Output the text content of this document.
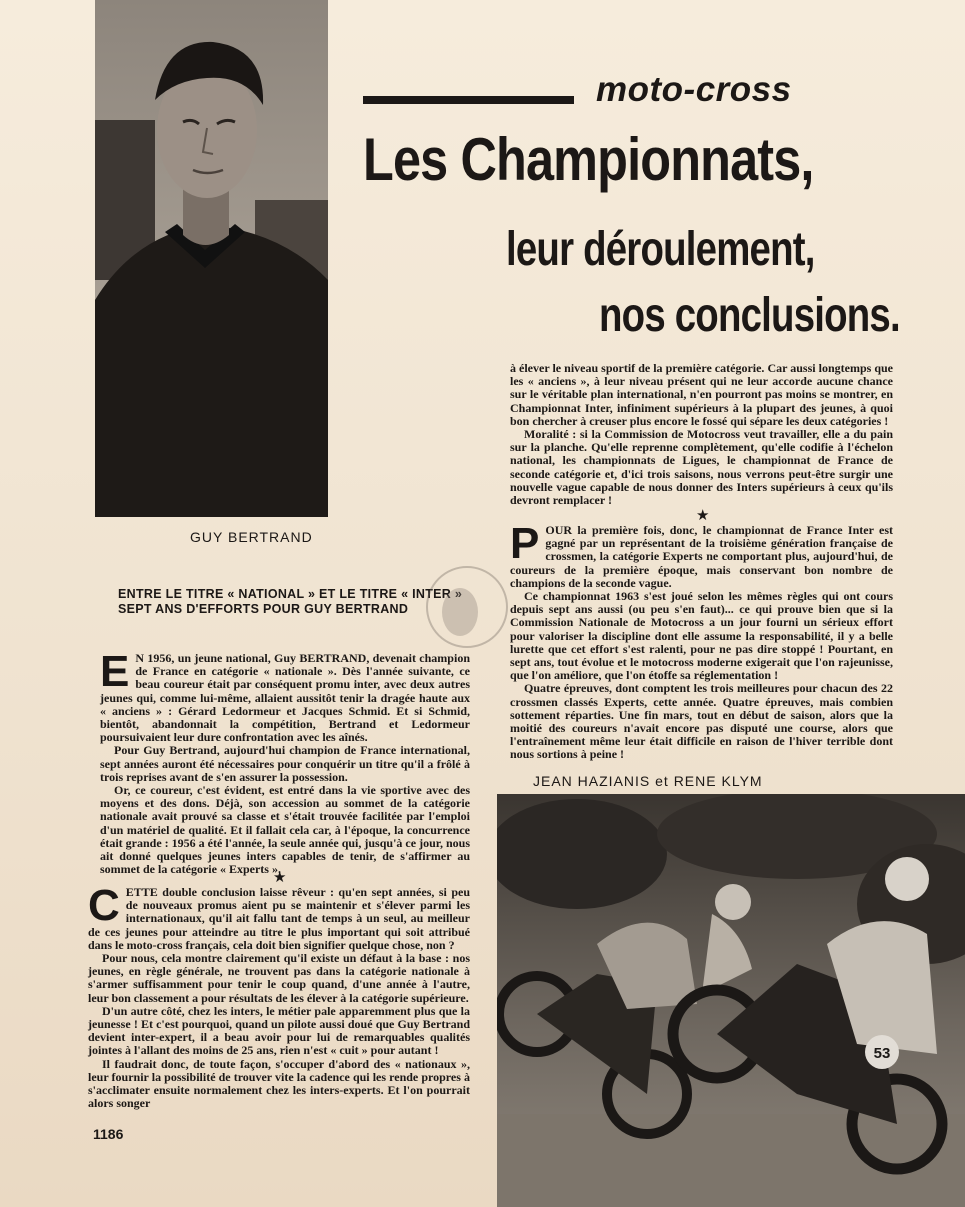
GUY BERTRAND
moto-cross
Les Championnats,
leur déroulement,
nos conclusions.
ENTRE LE TITRE « NATIONAL » ET LE TITRE « INTER » SEPT ANS D'EFFORTS POUR GUY BERTRAND

E N 1956, un jeune national, Guy BERTRAND, devenait champion de France en catégorie « nationale ». Dès l'année suivante, ce beau coureur était par conséquent promu inter, avec deux autres jeunes qui, comme lui-même, allaient aussitôt tenir la dragée haute aux « anciens » : Gérard Ledormeur et Jacques Schmid. Et si Schmid, bientôt, abandonnait la compétition, Bertrand et Ledormeur poursuivaient leur dure confrontation avec les aînés.

Pour Guy Bertrand, aujourd'hui champion de France international, sept années auront été nécessaires pour conquérir un titre qu'il a frôlé à trois reprises avant de s'en assurer la possession.

Or, ce coureur, c'est évident, est entré dans la vie sportive avec des moyens et des dons. Déjà, son accession au sommet de la catégorie nationale avait prouvé sa classe et s'était trouvée facilitée par l'emploi d'un matériel de qualité. Et il fallait cela car, à l'époque, la concurrence était grande : 1956 a été l'année, la seule année qui, jusqu'à ce jour, nous ait donné quelques jeunes inters capables de tenir, de s'affirmer au sommet de la catégorie « Experts ».

★

CETTE double conclusion laisse rêveur : qu'en sept années, si peu de nouveaux promus aient pu se maintenir et s'élever parmi les internationaux, qu'il ait fallu tant de temps à un seul, au meilleur de ces jeunes pour atteindre au titre le plus important qui soit attribué dans le moto-cross français, cela doit bien signifier quelque chose, non ?

Pour nous, cela montre clairement qu'il existe un défaut à la base : nos jeunes, en règle générale, ne trouvent pas dans la catégorie nationale à s'armer suffisamment pour tenir le coup quand, d'une année à l'autre, leur bon classement a pour résultats de les élever à la catégorie supérieure.

D'un autre côté, chez les inters, le métier pale apparemment plus que la jeunesse ! Et c'est pourquoi, quand un pilote aussi doué que Guy Bertrand devient inter-expert, il a beau avoir pour lui de remarquables qualités jointes à l'allant des moins de 25 ans, rien n'est « cuit » pour autant !

Il faudrait donc, de toute façon, s'occuper d'abord des « nationaux », leur fournir la possibilité de trouver vite la cadence qui les rende propres à s'acclimater ensuite normalement chez les inters-experts. Et l'on pourrait alors songer

1186

à élever le niveau sportif de la première catégorie. Car aussi longtemps que les « anciens », à leur niveau présent qui ne leur accorde aucune chance sur le véritable plan international, n'en pourront pas moins se montrer, en Championnat Inter, infiniment supérieurs à la plupart des jeunes, à quoi bon chercher à creuser plus encore le fossé qui sépare les deux catégories !

Moralité : si la Commission de Motocross veut travailler, elle a du pain sur la planche. Qu'elle reprenne complètement, qu'elle codifie à l'échelon national, les championnats de Ligues, le championnat de France de seconde catégorie et, d'ici trois saisons, nous verrons peut-être surgir une nouvelle vague capable de nous donner des Inters supérieurs à ceux qu'ils devront remplacer !

★

POUR la première fois, donc, le championnat de France Inter est gagné par un représentant de la troisième génération française de crossmen, la catégorie Experts ne comportant plus, aujourd'hui, de coureurs de la première époque, mais conservant bon nombre de champions de la seconde vague.

Ce championnat 1963 s'est joué selon les mêmes règles qui ont cours depuis sept ans aussi (ou peu s'en faut)... ce qui prouve bien que si la Commission Nationale de Motocross a un jour fourni un sérieux effort pour valoriser la discipline dont elle assume la responsabilité, il y a belle lurette que cet effort s'est ralenti, pour ne pas dire stoppé ! Pourtant, en sept ans, tout évolue et le motocross moderne exigerait que l'on rajeunisse, que l'on améliore, que l'on étoffe sa réglementation !

Quatre épreuves, dont comptent les trois meilleures pour chacun des 22 crossmen classés Experts, cette année. Quatre épreuves, mais combien sottement réparties. Une fin mars, tout en début de saison, alors que la moitié des coureurs n'avait encore pas disputé une course, alors que l'entraînement même leur était difficile en raison de l'hiver terrible dont nous sortions à peine !

JEAN HAZIANIS et RENE KLYM
53
